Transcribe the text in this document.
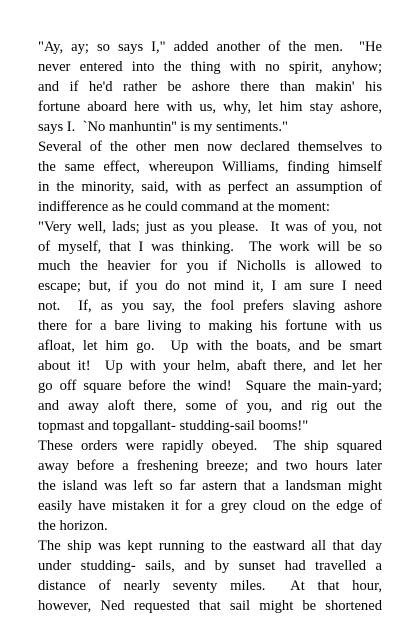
"Ay, ay; so says I," added another of the men.  "He
never entered into the thing with no spirit, anyhow;
and if he'd rather be ashore there than makin' his
fortune aboard here with us, why, let him stay ashore,
says I.  `No manhuntin'' is my sentiments."

Several of the other men now declared themselves to
the same effect, whereupon Williams, finding himself
in the minority, said, with as perfect an assumption of
indifference as he could command at the moment:

"Very well, lads; just as you please.  It was of you, not
of myself, that I was thinking.  The work will be so
much the heavier for you if Nicholls is allowed to
escape; but, if you do not mind it, I am sure I need
not.  If, as you say, the fool prefers slaving ashore
there for a bare living to making his fortune with us
afloat, let him go.  Up with the boats, and be smart
about it!  Up with your helm, abaft there, and let her
go off square before the wind!  Square the main-yard;
and away aloft there, some of you, and rig out the
topmast and topgallant- studding-sail booms!"

These orders were rapidly obeyed.  The ship squared
away before a freshening breeze; and two hours later
the island was left so far astern that a landsman might
easily have mistaken it for a grey cloud on the edge of
the horizon.

The ship was kept running to the eastward all that day
under studding- sails, and by sunset had travelled a
distance of nearly seventy miles.  At that hour,
however, Ned requested that sail might be shortened
